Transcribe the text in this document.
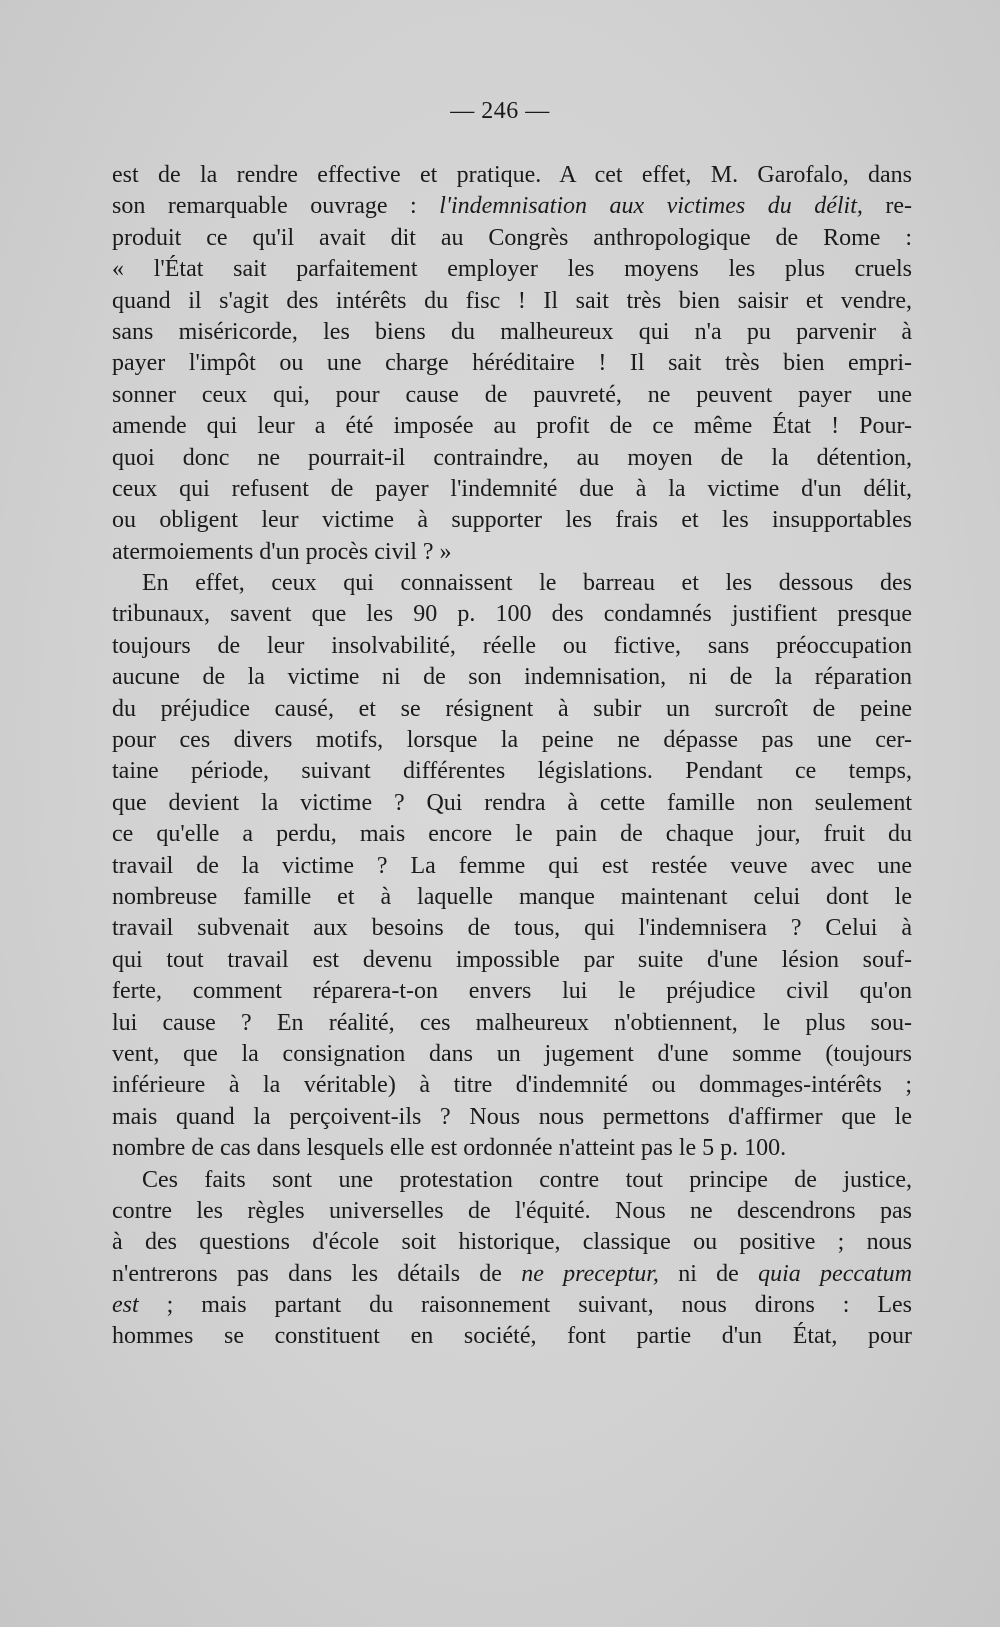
— 246 —
est de la rendre effective et pratique. A cet effet, M. Garofalo, dans
son remarquable ouvrage : l'indemnisation aux victimes du délit, re-
produit ce qu'il avait dit au Congrès anthropologique de Rome :
« l'État sait parfaitement employer les moyens les plus cruels
quand il s'agit des intérêts du fisc ! Il sait très bien saisir et vendre,
sans miséricorde, les biens du malheureux qui n'a pu parvenir à
payer l'impôt ou une charge héréditaire ! Il sait très bien empri-
sonner ceux qui, pour cause de pauvreté, ne peuvent payer une
amende qui leur a été imposée au profit de ce même État ! Pour-
quoi donc ne pourrait-il contraindre, au moyen de la détention,
ceux qui refusent de payer l'indemnité due à la victime d'un délit,
ou obligent leur victime à supporter les frais et les insupportables
atermoiements d'un procès civil ? »
En effet, ceux qui connaissent le barreau et les dessous des
tribunaux, savent que les 90 p. 100 des condamnés justifient presque
toujours de leur insolvabilité, réelle ou fictive, sans préoccupation
aucune de la victime ni de son indemnisation, ni de la réparation
du préjudice causé, et se résignent à subir un surcroît de peine
pour ces divers motifs, lorsque la peine ne dépasse pas une cer-
taine période, suivant différentes législations. Pendant ce temps,
que devient la victime ? Qui rendra à cette famille non seulement
ce qu'elle a perdu, mais encore le pain de chaque jour, fruit du
travail de la victime ? La femme qui est restée veuve avec une
nombreuse famille et à laquelle manque maintenant celui dont le
travail subvenait aux besoins de tous, qui l'indemnisera ? Celui à
qui tout travail est devenu impossible par suite d'une lésion souf-
ferte, comment réparera-t-on envers lui le préjudice civil qu'on
lui cause ? En réalité, ces malheureux n'obtiennent, le plus sou-
vent, que la consignation dans un jugement d'une somme (toujours
inférieure à la véritable) à titre d'indemnité ou dommages-intérêts ;
mais quand la perçoivent-ils ? Nous nous permettons d'affirmer que le
nombre de cas dans lesquels elle est ordonnée n'atteint pas le 5 p. 100.
Ces faits sont une protestation contre tout principe de justice,
contre les règles universelles de l'équité. Nous ne descendrons pas
à des questions d'école soit historique, classique ou positive ; nous
n'entrerons pas dans les détails de ne preceptur, ni de quia peccatum
est ; mais partant du raisonnement suivant, nous dirons : Les
hommes se constituent en société, font partie d'un État, pour
